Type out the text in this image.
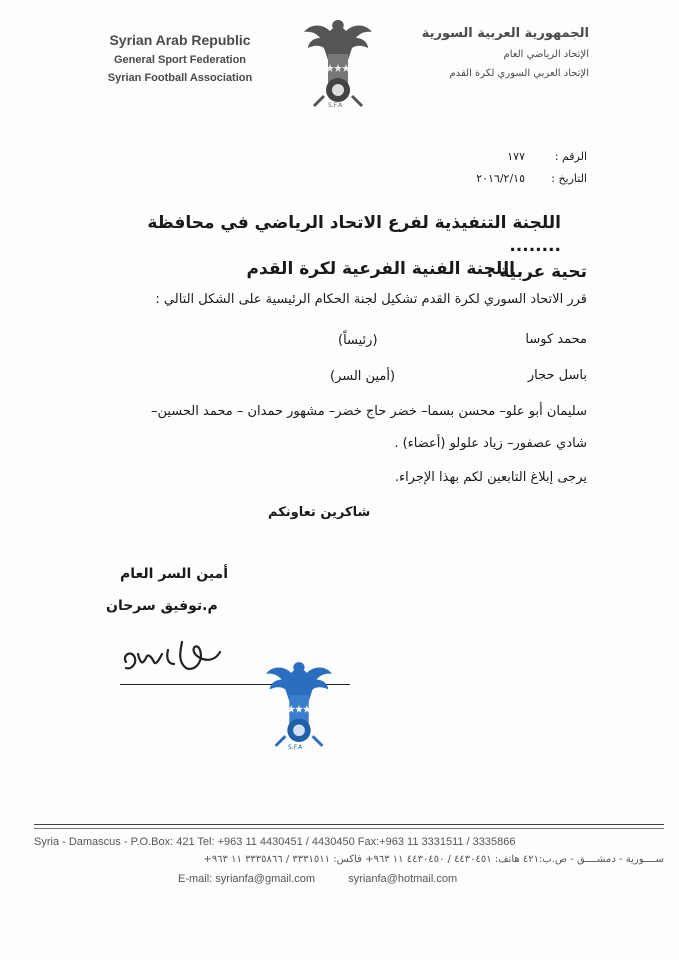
Syrian Arab Republic
General Sport Federation
Syrian Football Association
S.F.A
الجمهورية العربية السورية
الإتحاد الرياضي العام
الإتحاد العربي السوري لكرة القدم
الرقم :
١٧٧
التاريخ :
٢٠١٦/٢/١٥
اللجنة التنفيذية لفرع الاتحاد الرياضي في محافظة ........
اللجنة الفنية الفرعية لكرة القدم
تحية عربية :
قرر الاتحاد السوري لكرة القدم تشكيل لجنة الحكام الرئيسية على الشكل التالي :
محمد كوسا
(رئيساً)
باسل حجار
(أمين السر)
سليمان أبو علو– محسن بسما– خضر حاج خضر– مشهور حمدان – محمد الحسين–
شادي عصفور– زياد علولو (أعضاء) .
يرجى إبلاغ التابعين لكم بهذا الإجراء.
شاكرين تعاونكم
أمين السر العام
م.توفيق سرحان
S.F.A
Syria - Damascus - P.O.Box: 421 Tel: +963 11 4430451 / 4430450 Fax:+963 11 3331511 / 3335866
ســــورية - دمشــــق - ص.ب:٤٢١ هاتف: ٤٤٣٠٤٥١ / ٤٤٣٠٤٥٠ ١١ ٩٦٣+ فاكس: ٣٣٣١٥١١ / ٣٣٣٥٨٦٦ ١١ ٩٦٣+
E-mail: syrianfa@gmail.com	syrianfa@hotmail.com
